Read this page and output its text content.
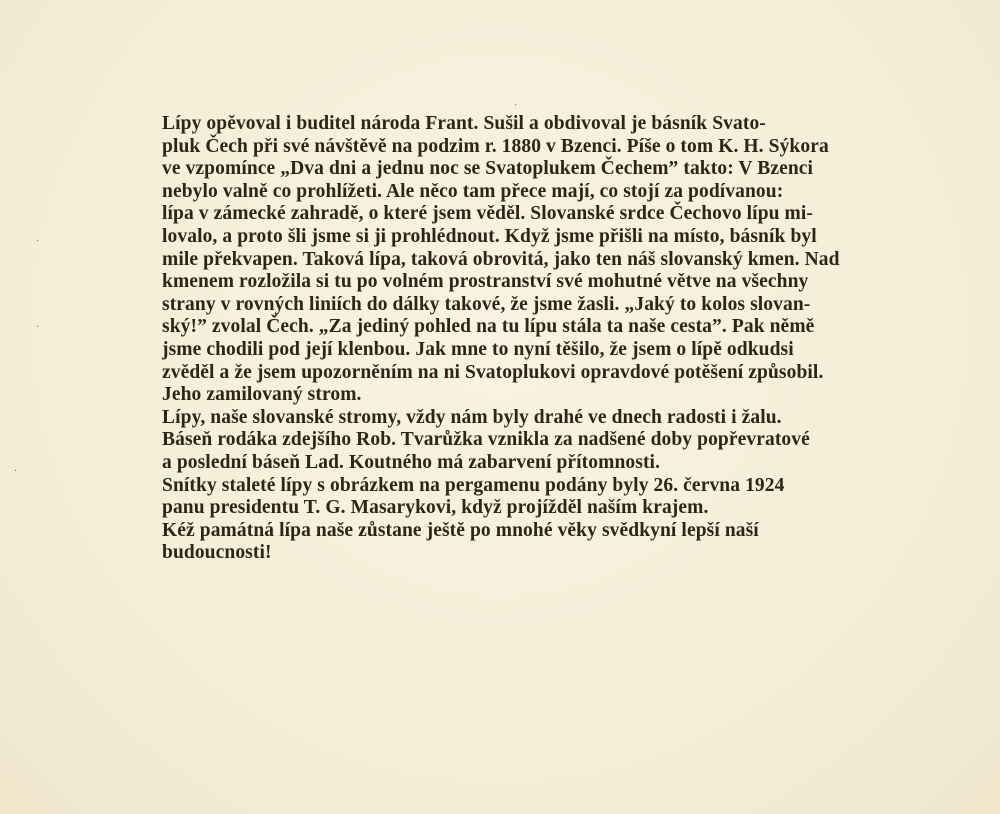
Lípy opěvoval i buditel národa Frant. Sušil a obdivoval je básník Svato-
pluk Čech při své návštěvě na podzim r. 1880 v Bzenci. Píše o tom K. H. Sýkora
ve vzpomínce „Dva dni a jednu noc se Svatoplukem Čechem” takto: V Bzenci
nebylo valně co prohlížeti. Ale něco tam přece mají, co stojí za podívanou:
lípa v zámecké zahradě, o které jsem věděl. Slovanské srdce Čechovo lípu mi-
lovalo, a proto šli jsme si ji prohlédnout. Když jsme přišli na místo, básník byl
mile překvapen. Taková lípa, taková obrovitá, jako ten náš slovanský kmen. Nad
kmenem rozložila si tu po volném prostranství své mohutné větve na všechny
strany v rovných liniích do dálky takové, že jsme žasli. „Jaký to kolos slovan-
ský!” zvolal Čech. „Za jediný pohled na tu lípu stála ta naše cesta”. Pak němě
jsme chodili pod její klenbou. Jak mne to nyní těšilo, že jsem o lípě odkudsi
zvěděl a že jsem upozorněním na ni Svatoplukovi opravdové potěšení způsobil.
Jeho zamilovaný strom.
Lípy, naše slovanské stromy, vždy nám byly drahé ve dnech radosti i žalu.
Báseň rodáka zdejšího Rob. Tvarůžka vznikla za nadšené doby popřevratové
a poslední báseň Lad. Koutného má zabarvení přítomnosti.
Snítky staleté lípy s obrázkem na pergamenu podány byly 26. června 1924
panu presidentu T. G. Masarykovi, když projížděl naším krajem.
Kéž památná lípa naše zůstane ještě po mnohé věky svědkyní lepší naší
budoucnosti!
·
·
·
·
